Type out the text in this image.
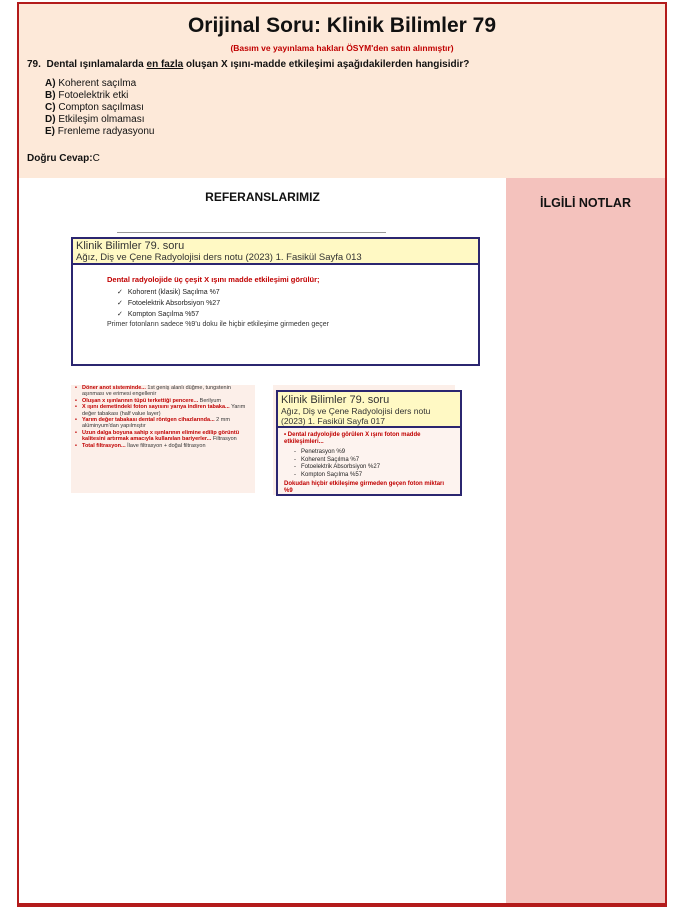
Orijinal Soru: Klinik Bilimler 79
(Basım ve yayınlama hakları ÖSYM'den satın alınmıştır)
79. Dental ışınlamalarda en fazla oluşan X ışını-madde etkileşimi aşağıdakilerden hangisidir?
A) Koherent saçılma
B) Fotoelektrik etki
C) Compton saçılması
D) Etkileşim olmaması
E) Frenleme radyasyonu
Doğru Cevap:C
REFERANSLARIMIZ
Klinik Bilimler 79. soru
Ağız, Diş ve Çene Radyolojisi ders notu (2023) 1. Fasikül Sayfa 013
Dental radyolojide üç çeşit X ışını madde etkileşimi görülür;
✓ Kohorent (klasik) Saçılma %7
✓ Fotoelektrik Absorbsiyon %27
✓ Kompton Saçılma %57
Primer fotonların sadece %9'u doku ile hiçbir etkileşime girmeden geçer
• Döner anot sisteminde... 1st geniş alanlı düğme, tungstenin aşınması ve erimesi engellenir
• Oluşan x ışınlarının tüpü terkettiği pencere... Berilyum
• X ışını demetindeki foton sayısını yarıya indiren tabaka... Yarım değer tabakası (half value layer)
• Yarım değer tabakası dental röntgen cihazlarında... 2 mm alüminyum'dan yapılmıştır
• Uzun dalga boyuna sahip x ışınlarının elimine edilip görüntü kalitesini artırmak amacıyla kullanılan bariyerler... Filtrasyon
• Total filtrasyon... İlave filtrasyon + doğal filtrasyon
Klinik Bilimler 79. soru
Ağız, Diş ve Çene Radyolojisi ders notu (2023) 1. Fasikül Sayfa 017
• Dental radyolojide görülen X ışını foton madde etkileşimleri...
- Penetrasyon %9
- Koherent Saçılma %7
- Fotoelektrik Absorbsiyon %27
- Kompton Saçılma %57
Dokudan hiçbir etkileşime girmeden geçen foton miktarı %9
İLGİLİ NOTLAR
